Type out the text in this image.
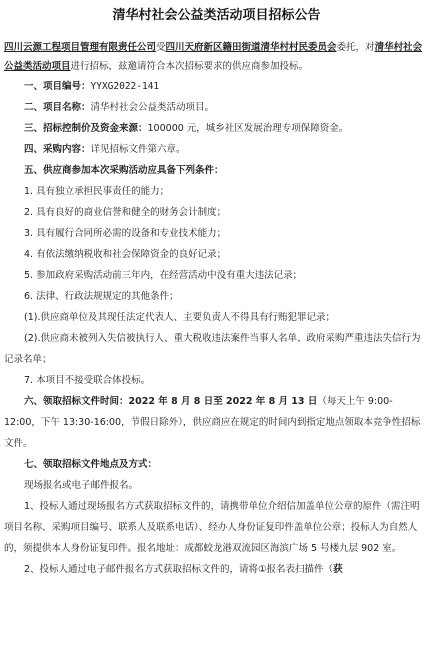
清华村社会公益类活动项目招标公告
四川云源工程项目管理有限责任公司受四川天府新区籍田街道清华村村民委员会委托，对清华村社会公益类活动项目进行招标，兹邀请符合本次招标要求的供应商参加投标。
一、项目编号：YYXG2022-141
二、项目名称：清华村社会公益类活动项目。
三、招标控制价及资金来源：100000 元，城乡社区发展治理专项保障资金。
四、采购内容：详见招标文件第六章。
五、供应商参加本次采购活动应具备下列条件：
1. 具有独立承担民事责任的能力；
2. 具有良好的商业信誉和健全的财务会计制度；
3. 具有履行合同所必需的设备和专业技术能力；
4. 有依法缴纳税收和社会保障资金的良好记录；
5. 参加政府采购活动前三年内，在经营活动中没有重大违法记录；
6. 法律、行政法规规定的其他条件；
(1).供应商单位及其现任法定代表人、主要负责人不得具有行贿犯罪记录；
(2).供应商未被列入失信被执行人、重大税收违法案件当事人名单、政府采购严重违法失信行为记录名单；
7. 本项目不接受联合体投标。
六、领取招标文件时间：2022 年 8 月 8 日至 2022 年 8 月 13 日（每天上午 9:00-12:00，下午 13:30-16:00，节假日除外），供应商应在规定的时间内到指定地点领取本竞争性招标文件。
七、领取招标文件地点及方式：
现场报名或电子邮件报名。
1、投标人通过现场报名方式获取招标文件的，请携带单位介绍信加盖单位公章的原件（需注明项目名称、采购项目编号、联系人及联系电话）、经办人身份证复印件盖单位公章；投标人为自然人的，须提供本人身份证复印件。报名地址：成都蛟龙港双流园区海滨广场 5 号楼九层 902 室。
2、投标人通过电子邮件报名方式获取招标文件的，请将①报名表扫描件（获
